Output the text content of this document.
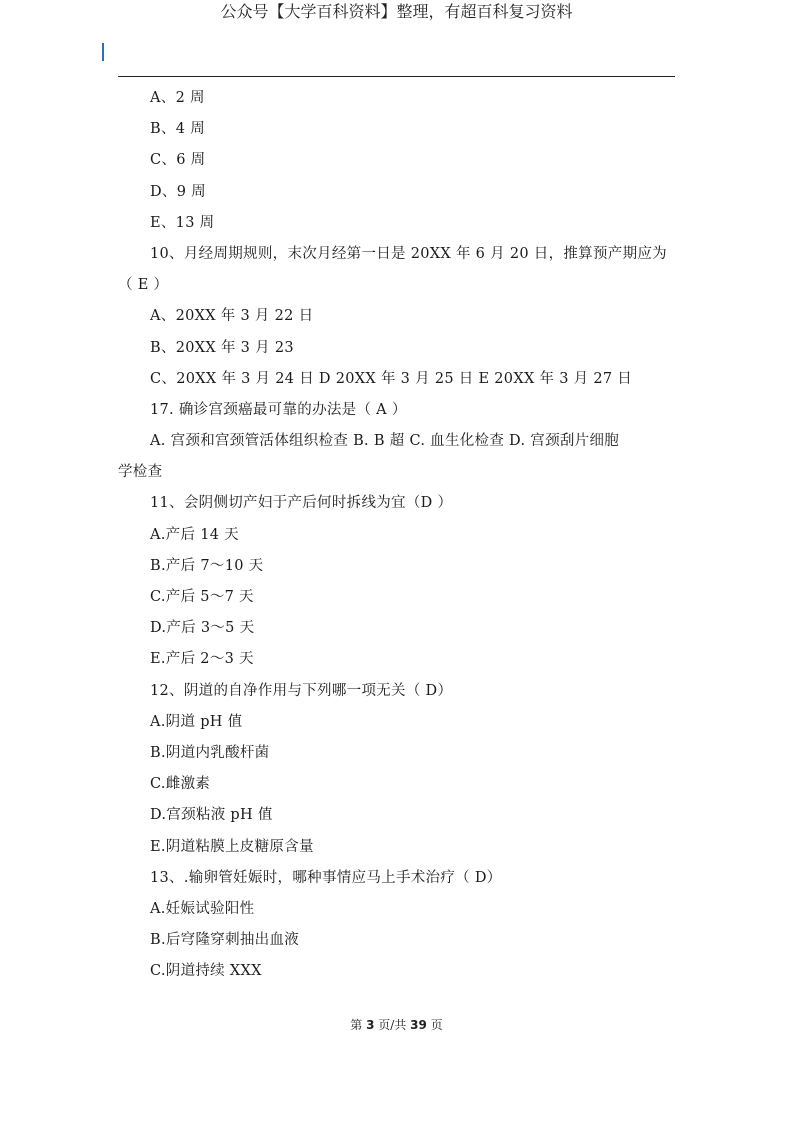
公众号【大学百科资料】整理，有超百科复习资料
A、2 周
B、4 周
C、6 周
D、9 周
E、13 周
10、月经周期规则，末次月经第一日是 20XX 年 6 月 20 日，推算预产期应为
（ E ）
A、20XX 年 3 月 22 日
B、20XX 年 3 月 23
C、20XX 年 3 月 24 日 D 20XX 年 3 月 25 日 E 20XX 年 3 月 27 日
17. 确诊宫颈癌最可靠的办法是（ A ）
A. 宫颈和宫颈管活体组织检查 B. B 超 C. 血生化检查 D. 宫颈刮片细胞
学检查
11、会阴侧切产妇于产后何时拆线为宜（D ）
A.产后 14 天
B.产后 7～10 天
C.产后 5～7 天
D.产后 3～5 天
E.产后 2～3 天
12、阴道的自净作用与下列哪一项无关（ D）
A.阴道 pH 值
B.阴道内乳酸杆菌
C.雌激素
D.宫颈粘液 pH 值
E.阴道粘膜上皮糖原含量
13、.输卵管妊娠时，哪种事情应马上手术治疗（ D）
A.妊娠试验阳性
B.后穹隆穿刺抽出血液
C.阴道持续 XXX
第 3 页/共 39 页
